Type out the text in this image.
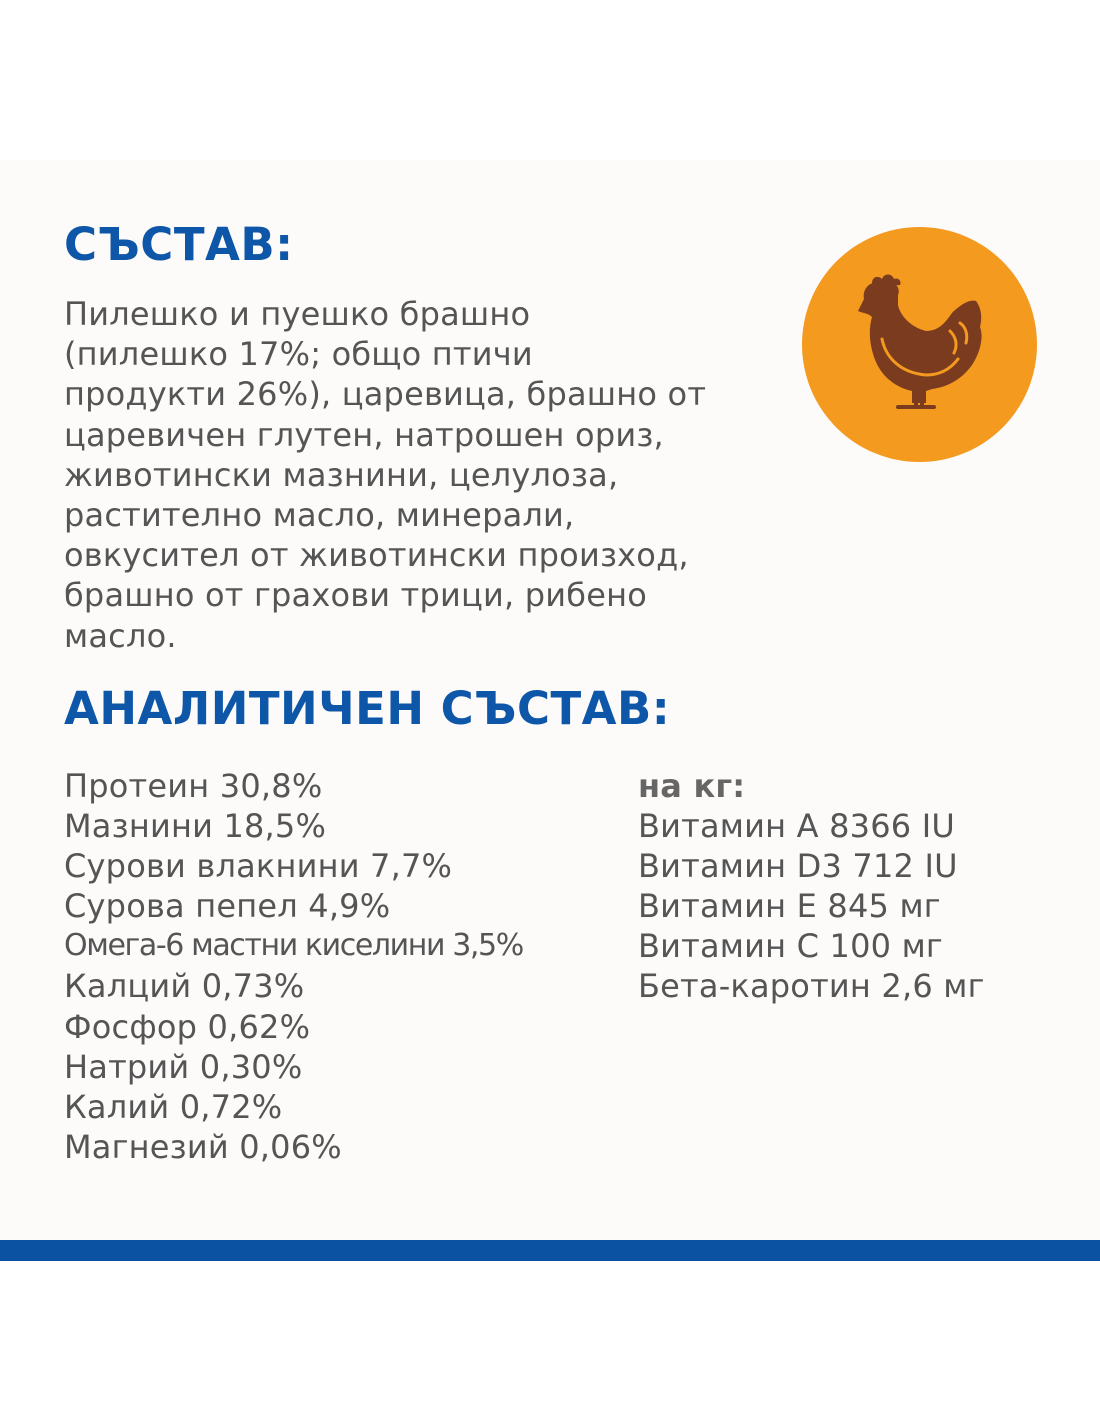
СЪСТАВ:
Пилешко и пуешко брашно
(пилешко 17%; общо птичи
продукти 26%), царевица, брашно от
царевичен глутен, натрошен ориз,
животински мазнини, целулоза,
растително масло, минерали,
овкусител от животински произход,
брашно от грахови трици, рибено
масло.
АНАЛИТИЧЕН СЪСТАВ:
Протеин 30,8%
Мазнини 18,5%
Сурови влакнини 7,7%
Сурова пепел 4,9%
Омега-6 мастни киселини 3,5%
Калций 0,73%
Фосфор 0,62%
Натрий 0,30%
Калий 0,72%
Магнезий 0,06%
на кг:
Витамин А 8366 IU
Витамин D3 712 IU
Витамин Е 845 мг
Витамин С 100 мг
Бета-каротин 2,6 мг
